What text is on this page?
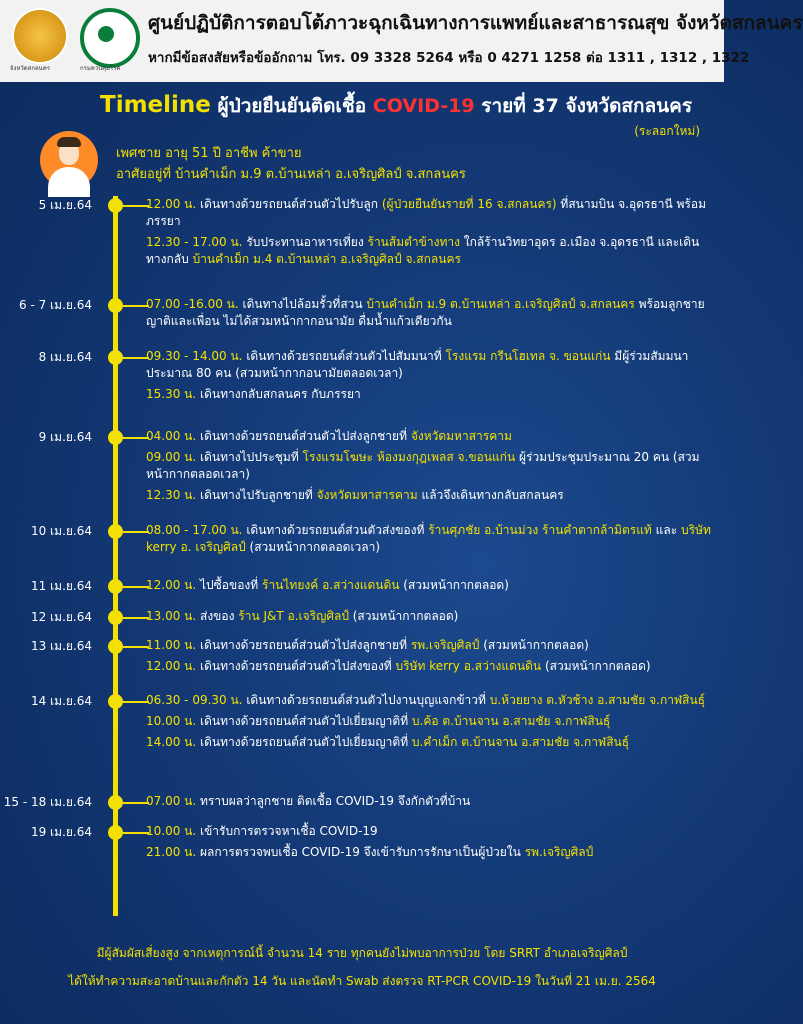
จังหวัดสกลนคร	กรมควบคุมโรค
ศูนย์ปฏิบัติการตอบโต้ภาวะฉุกเฉินทางการแพทย์และสาธารณสุข จังหวัดสกลนคร
หากมีข้อสงสัยหรือข้ออักถาม โทร. 09 3328 5264 หรือ 0 4271 1258 ต่อ 1311 , 1312 , 1322
Timeline ผู้ป่วยยืนยันติดเชื้อ COVID-19 รายที่ 37 จังหวัดสกลนคร
(ระลอกใหม่)
เพศชาย อายุ 51 ปี อาชีพ ค้าขาย
อาศัยอยู่ที่ บ้านคำเม็ก ม.9 ต.บ้านเหล่า อ.เจริญศิลป์ จ.สกลนคร
5 เม.ย.64	12.00 น. เดินทางด้วยรถยนต์ส่วนตัวไปรับลูก (ผู้ป่วยยืนยันรายที่ 16 จ.สกลนคร) ที่สนามบิน จ.อุดรธานี พร้อมภรรยา
12.30 - 17.00 น. รับประทานอาหารเที่ยง ร้านส้มตำข้างทาง ใกล้ร้านวิทยาอุดร อ.เมือง จ.อุดรธานี และเดินทางกลับ บ้านคำเม็ก ม.4 ต.บ้านเหล่า อ.เจริญศิลป์ จ.สกลนคร
6 - 7 เม.ย.64	07.00 -16.00 น. เดินทางไปล้อมรั้วที่สวน บ้านคำเม็ก ม.9 ต.บ้านเหล่า อ.เจริญศิลป์ จ.สกลนคร พร้อมลูกชาย ญาติและเพื่อน ไม่ได้สวมหน้ากากอนามัย ดื่มน้ำแก้วเดียวกัน
8 เม.ย.64	09.30 - 14.00 น. เดินทางด้วยรถยนต์ส่วนตัวไปสัมมนาที่ โรงแรม กรีนโฮเทล จ. ขอนแก่น มีผู้ร่วมสัมมนาประมาณ 80 คน (สวมหน้ากากอนามัยตลอดเวลา)
15.30 น. เดินทางกลับสกลนคร กับภรรยา
9 เม.ย.64	04.00 น. เดินทางด้วยรถยนต์ส่วนตัวไปส่งลูกชายที่ จังหวัดมหาสารคาม
09.00 น. เดินทางไปประชุมที่ โรงแรมโฆษะ ห้องมงกุฎเพลส จ.ขอนแก่น ผู้ร่วมประชุมประมาณ 20 คน (สวมหน้ากากตลอดเวลา)
12.30 น. เดินทางไปรับลูกชายที่ จังหวัดมหาสารคาม แล้วจึงเดินทางกลับสกลนคร
10 เม.ย.64	08.00 - 17.00 น. เดินทางด้วยรถยนต์ส่วนตัวส่งของที่ ร้านศุภชัย อ.บ้านม่วง ร้านคำตากล้ามิตรแท้ และ บริษัท kerry อ. เจริญศิลป์ (สวมหน้ากากตลอดเวลา)
11 เม.ย.64	12.00 น. ไปซื้อของที่ ร้านไทยงค์ อ.สว่างแดนดิน (สวมหน้ากากตลอด)
12 เม.ย.64	13.00 น. ส่งของ ร้าน J&T อ.เจริญศิลป์ (สวมหน้ากากตลอด)
13 เม.ย.64	11.00 น. เดินทางด้วยรถยนต์ส่วนตัวไปส่งลูกชายที่ รพ.เจริญศิลป์ (สวมหน้ากากตลอด)
12.00 น. เดินทางด้วยรถยนต์ส่วนตัวไปส่งของที่ บริษัท kerry อ.สว่างแดนดิน (สวมหน้ากากตลอด)
14 เม.ย.64	06.30 - 09.30 น. เดินทางด้วยรถยนต์ส่วนตัวไปงานบุญแจกข้าวที่ บ.ห้วยยาง ต.หัวช้าง อ.สามชัย จ.กาฬสินธุ์
10.00 น. เดินทางด้วยรถยนต์ส่วนตัวไปเยี่ยมญาติที่ บ.ค้อ ต.บ้านจาน อ.สามชัย จ.กาฬสินธุ์
14.00 น. เดินทางด้วยรถยนต์ส่วนตัวไปเยี่ยมญาติที่ บ.คำเม็ก ต.บ้านจาน อ.สามชัย จ.กาฬสินธุ์
15 - 18 เม.ย.64	07.00 น. ทราบผลว่าลูกชาย ติดเชื้อ COVID-19 จึงกักตัวที่บ้าน
19 เม.ย.64	10.00 น. เข้ารับการตรวจหาเชื้อ COVID-19
21.00 น. ผลการตรวจพบเชื้อ COVID-19 จึงเข้ารับการรักษาเป็นผู้ป่วยใน รพ.เจริญศิลป์
มีผู้สัมผัสเสี่ยงสูง จากเหตุการณ์นี้ จำนวน 14 ราย ทุกคนยังไม่พบอาการป่วย โดย SRRT อำเภอเจริญศิลป์
ได้ให้ทำความสะอาดบ้านและกักตัว 14 วัน และนัดทำ Swab ส่งตรวจ RT-PCR COVID-19 ในวันที่ 21 เม.ย. 2564
